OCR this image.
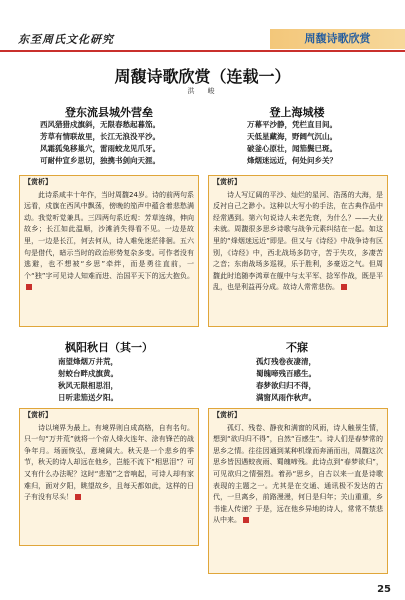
东至周氏文化研究	周馥诗歌欣赏
周馥诗歌欣赏（连载一）
洪　峻
登东流县城外营垒
西风猎猎戍旗斜，无限春愁起暮笳。
芳草有情联故里，长江无浪没平沙。
风霜狐兔移巢穴，雷雨蛟龙见爪牙。
可耐仲宣乡思切，独携书剑向天涯。
登上海城楼
万幕平沙静，凭栏直目间。
天低星藏海，野阔气沉山。
破釜心原壮，闻笳鬓已斑。
烽烟迷远近，何处问乡关？
【赏析】
此诗系咸丰十年作，当时周馥24岁。诗的前两句系远看，戍旗在西风中飘荡，傍晚的笳声中蕴含着悲愁满动。我觉听觉兼具。三四两句系近观：芳草连绵，伸向故乡；长江如此温顺，沙滩消失得看不见。一边是故里，一边是长江，何去何从，诗人难免迷茫徘徊。五六句是借代，暗示当时的政治形势复杂多变。可作者没有逃避，也不想被“乡思”牵绊，而是勇往直前，一个“独”字可见诗人知难而进、治国平天下的远大抱负。
【赏析】
诗人写辽阔的平沙、灿烂的星河、浩荡的大海，是反衬自己之渺小。这种以大写小的手法，在古典作品中经常遇到。第六句说诗人未老先衰，为什么？——大业未就。周馥很多思乡诗歌与战争元素纠结在一起。如这里的“烽烟迷远近”即是。但又与《诗经》中战争诗有区别，《诗经》中，西北战场多防守，苦于失攻，多凄苦之音；东南战场多巡视，乐于胜利，多豪迈之气。但周馥此时追随李鸿章在舰中与太平军、捻军作战，既是平乱，也是利益再分成。故诗人常常悲伤。
枫阳秋日（其一）
南望烽烟万井荒，
射蛟台畔戍旗黄。
秋风无限相思泪，
日听悲笳送夕阳。
不寐
孤灯残卷夜凄清，
蜀魄啼残百感生。
春梦欲归归不得，
满窗风雨作秋声。
【赏析】
诗以境界为最上。有境界则自成高格，自有名句。只一句“万井荒”就将一个帝人烽火连年、涂有锋芒的战争年月。场面恢弘，意境阔大。秋天是一个悲乡的季节，秋天的诗人却远在他乡，岂能不流下“相思泪”？可又有什么办法呢？这时“悲笳”之音响起，可诗人却有家难归，面对夕阳，眺望故乡，且每天都如此，这样的日子有没有尽头！
【赏析】
孤灯、残卷、静夜和满窗的风雨，诗人触景生情，想到“欲归归不得”，自然“百感生”。诗人们是春梦常的思乡之情。往往因通到某种机缘而奔涌而出，周馥这次思乡皆因遇蛟夜雨、蜀魄啼残。此诗点到“春梦欲归”，可见欲归之情强烈。着孙“思乡，自古以来一直是诗歌表现的主题之一。尤其是在交通、通讯极不发达的古代，一旦离乡，前路漫漫，何日是归年；关山重重，乡书谁人传递？于是，远在他乡异地的诗人，常常不禁悲从中来。
25
